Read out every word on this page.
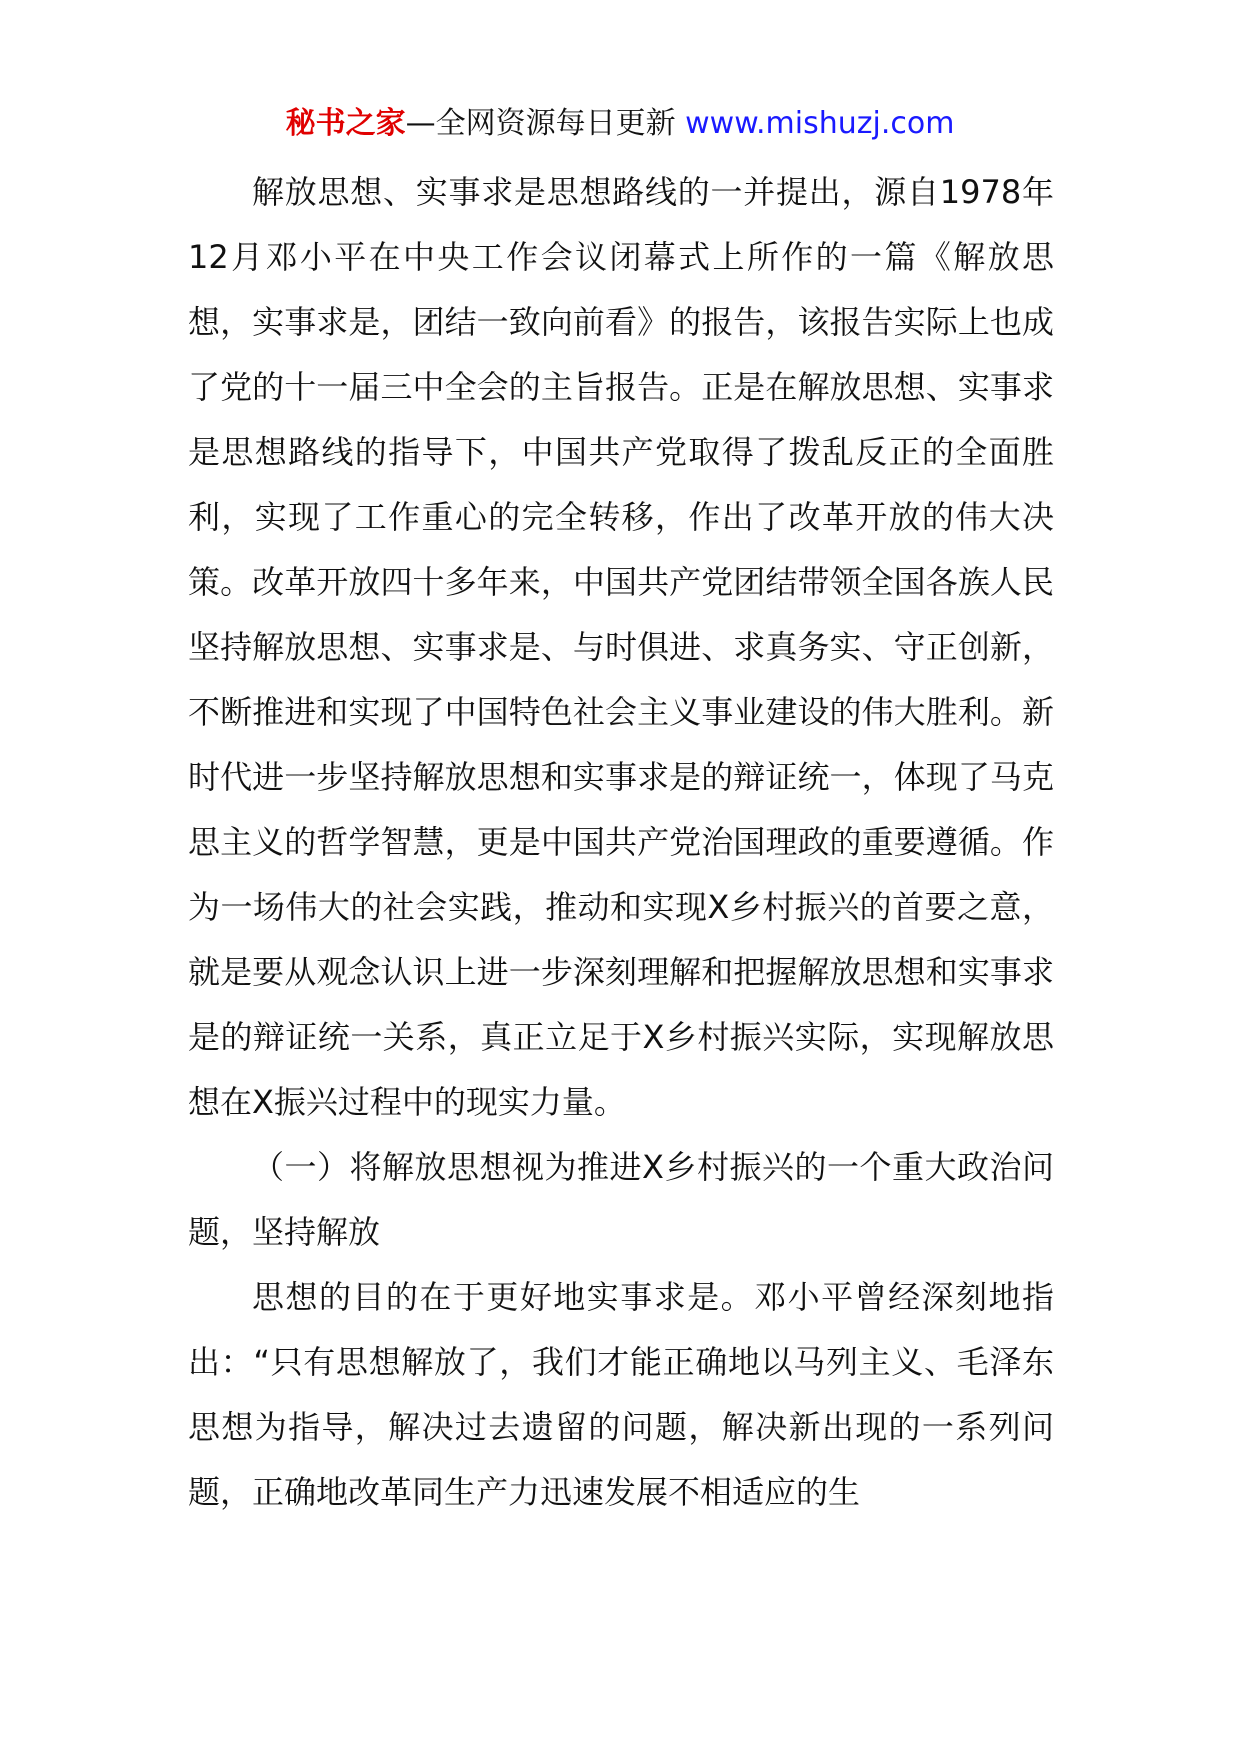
秘书之家—全网资源每日更新 www.mishuzj.com

解放思想、实事求是思想路线的一并提出，源自1978年12月邓小平在中央工作会议闭幕式上所作的一篇《解放思想，实事求是，团结一致向前看》的报告，该报告实际上也成了党的十一届三中全会的主旨报告。正是在解放思想、实事求是思想路线的指导下，中国共产党取得了拨乱反正的全面胜利，实现了工作重心的完全转移，作出了改革开放的伟大决策。改革开放四十多年来，中国共产党团结带领全国各族人民坚持解放思想、实事求是、与时俱进、求真务实、守正创新，不断推进和实现了中国特色社会主义事业建设的伟大胜利。新时代进一步坚持解放思想和实事求是的辩证统一，体现了马克思主义的哲学智慧，更是中国共产党治国理政的重要遵循。作为一场伟大的社会实践，推动和实现X乡村振兴的首要之意，就是要从观念认识上进一步深刻理解和把握解放思想和实事求是的辩证统一关系，真正立足于X乡村振兴实际，实现解放思想在X振兴过程中的现实力量。

（一）将解放思想视为推进X乡村振兴的一个重大政治问题，坚持解放

思想的目的在于更好地实事求是。邓小平曾经深刻地指出：“只有思想解放了，我们才能正确地以马列主义、毛泽东思想为指导，解决过去遗留的问题，解决新出现的一系列问题，正确地改革同生产力迅速发展不相适应的生
